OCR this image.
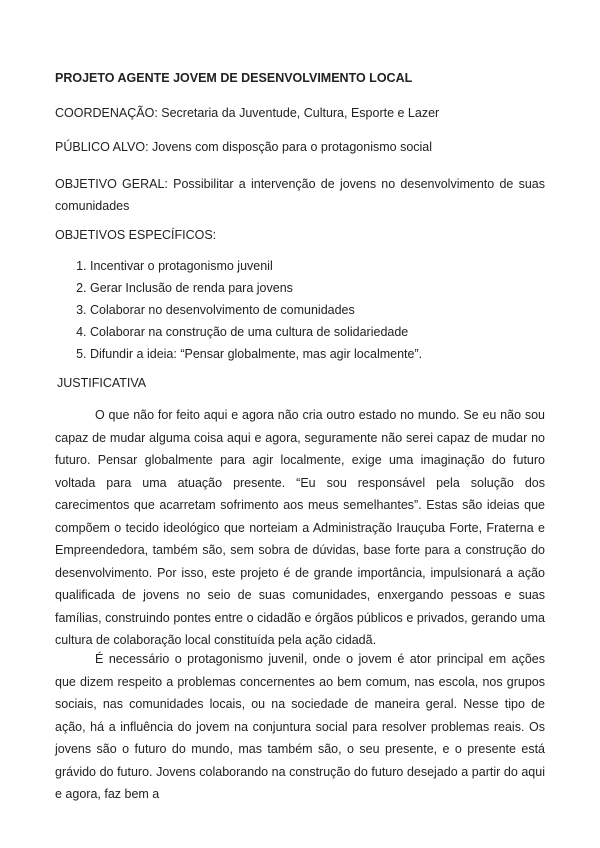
PROJETO AGENTE JOVEM DE DESENVOLVIMENTO LOCAL

COORDENAÇÃO: Secretaria da Juventude, Cultura, Esporte e Lazer

PÚBLICO ALVO: Jovens com disposção para o protagonismo social

OBJETIVO GERAL: Possibilitar a intervenção de jovens no desenvolvimento de suas comunidades

OBJETIVOS ESPECÍFICOS:

1. Incentivar o protagonismo juvenil
2. Gerar Inclusão de renda para jovens
3. Colaborar no desenvolvimento de comunidades
4. Colaborar na construção de uma cultura de solidariedade
5. Difundir a ideia: “Pensar globalmente, mas agir localmente”.

JUSTIFICATIVA

O que não for feito aqui e agora não cria outro estado no mundo. Se eu não sou capaz de mudar alguma coisa aqui e agora, seguramente não serei capaz de mudar no futuro. Pensar globalmente para agir localmente, exige uma imaginação do futuro voltada para uma atuação presente. “Eu sou responsável pela solução dos carecimentos que acarretam sofrimento aos meus semelhantes”. Estas são ideias que compõem o tecido ideológico que norteiam a Administração Irauçuba Forte, Fraterna e Empreendedora, também são, sem sobra de dúvidas, base forte para a construção do desenvolvimento. Por isso, este projeto é de grande importância, impulsionará a ação qualificada de jovens no seio de suas comunidades, enxergando pessoas e suas famílias, construindo pontes entre o cidadão e órgãos públicos e privados, gerando uma cultura de colaboração local constituída pela ação cidadã.

É necessário o protagonismo juvenil, onde o jovem é ator principal em ações que dizem respeito a problemas concernentes ao bem comum, nas escola, nos grupos sociais, nas comunidades locais, ou na sociedade de maneira geral. Nesse tipo de ação, há a influência do jovem na conjuntura social para resolver problemas reais. Os jovens são o futuro do mundo, mas também são, o seu presente, e o presente está grávido do futuro. Jovens colaborando na construção do futuro desejado a partir do aqui e agora, faz bem a
